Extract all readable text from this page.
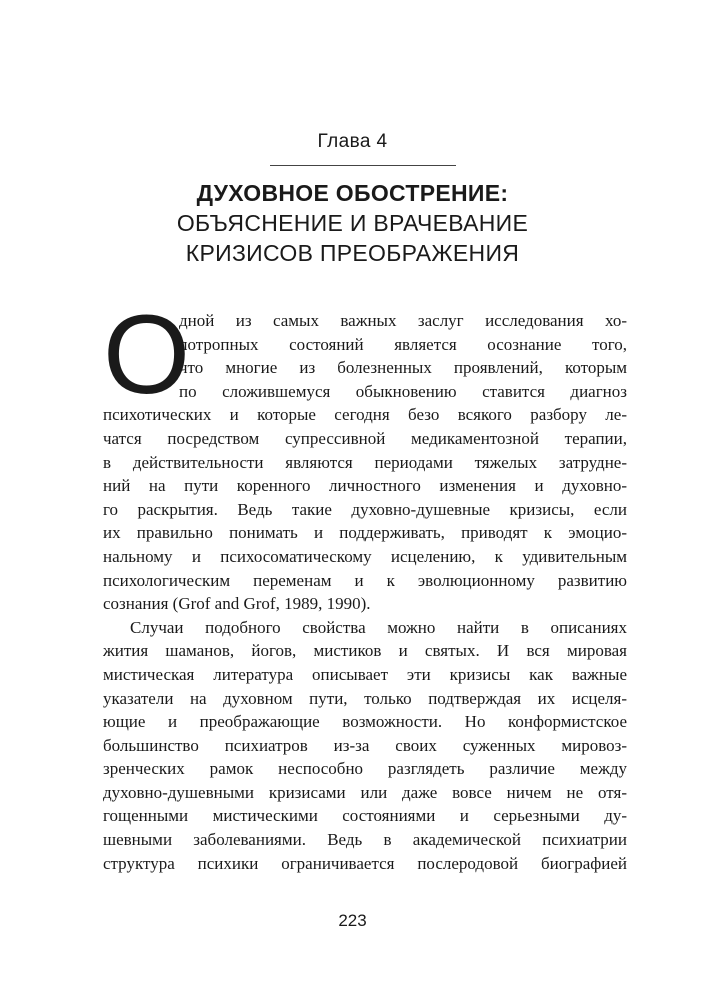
Глава 4
ДУХОВНОЕ ОБОСТРЕНИЕ:
ОБЪЯСНЕНИЕ И ВРАЧЕВАНИЕ
КРИЗИСОВ ПРЕОБРАЖЕНИЯ
О
дной из самых важных заслуг исследования хо-
лотропных состояний является осознание того,
что многие из болезненных проявлений, которым
по сложившемуся обыкновению ставится диагноз
психотических и которые сегодня безо всякого разбору ле-
чатся посредством супрессивной медикаментозной терапии,
в действительности являются периодами тяжелых затрудне-
ний на пути коренного личностного изменения и духовно-
го раскрытия. Ведь такие духовно-душевные кризисы, если
их правильно понимать и поддерживать, приводят к эмоцио-
нальному и психосоматическому исцелению, к удивительным
психологическим переменам и к эволюционному развитию
сознания (Grof and Grof, 1989, 1990).
Случаи подобного свойства можно найти в описаниях
жития шаманов, йогов, мистиков и святых. И вся мировая
мистическая литература описывает эти кризисы как важные
указатели на духовном пути, только подтверждая их исцеля-
ющие и преображающие возможности. Но конформистское
большинство психиатров из-за своих суженных мировоз-
зренческих рамок неспособно разглядеть различие между
духовно-душевными кризисами или даже вовсе ничем не отя-
гощенными мистическими состояниями и серьезными ду-
шевными заболеваниями. Ведь в академической психиатрии
структура психики ограничивается послеродовой биографией
223
